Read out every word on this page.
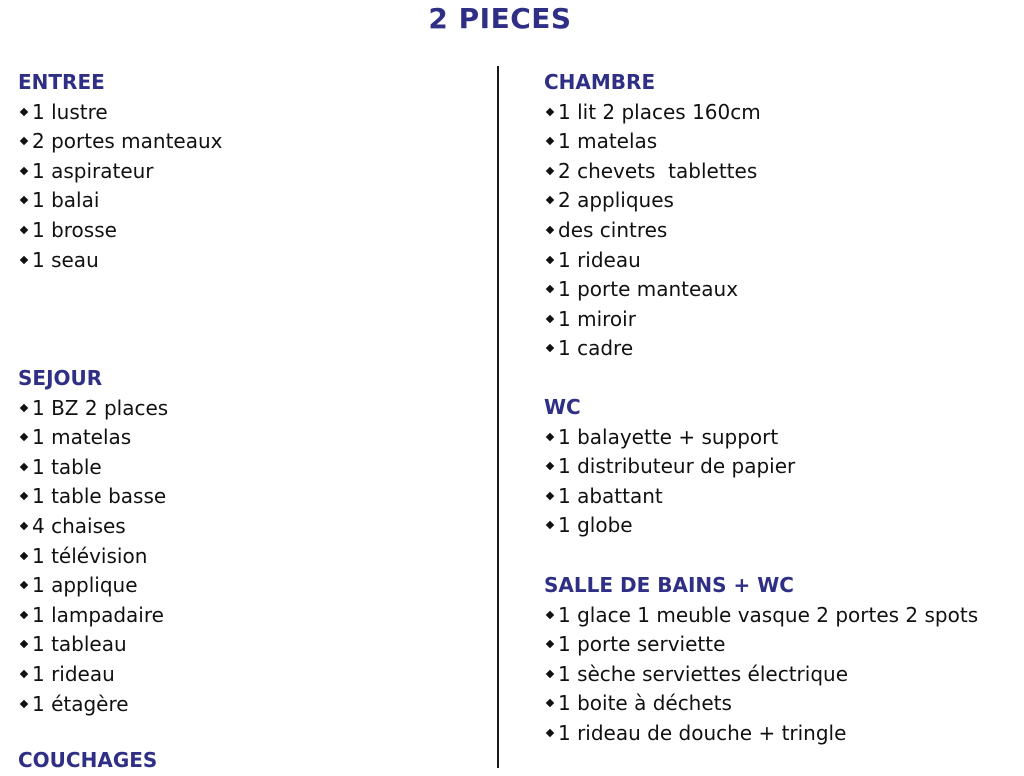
2 PIECES
ENTREE
1 lustre
2 portes manteaux
1 aspirateur
1 balai
1 brosse
1 seau
SEJOUR
1 BZ 2 places
1 matelas
1 table
1 table basse
4 chaises
1 télévision
1 applique
1 lampadaire
1 tableau
1 rideau
1 étagère
COUCHAGES
CHAMBRE
1 lit 2 places 160cm
1 matelas
2 chevets  tablettes
2 appliques
des cintres
1 rideau
1 porte manteaux
1 miroir
1 cadre
WC
1 balayette + support
1 distributeur de papier
1 abattant
1 globe
SALLE DE BAINS + WC
1 glace 1 meuble vasque 2 portes 2 spots
1 porte serviette
1 sèche serviettes électrique
1 boite à déchets
1 rideau de douche + tringle
